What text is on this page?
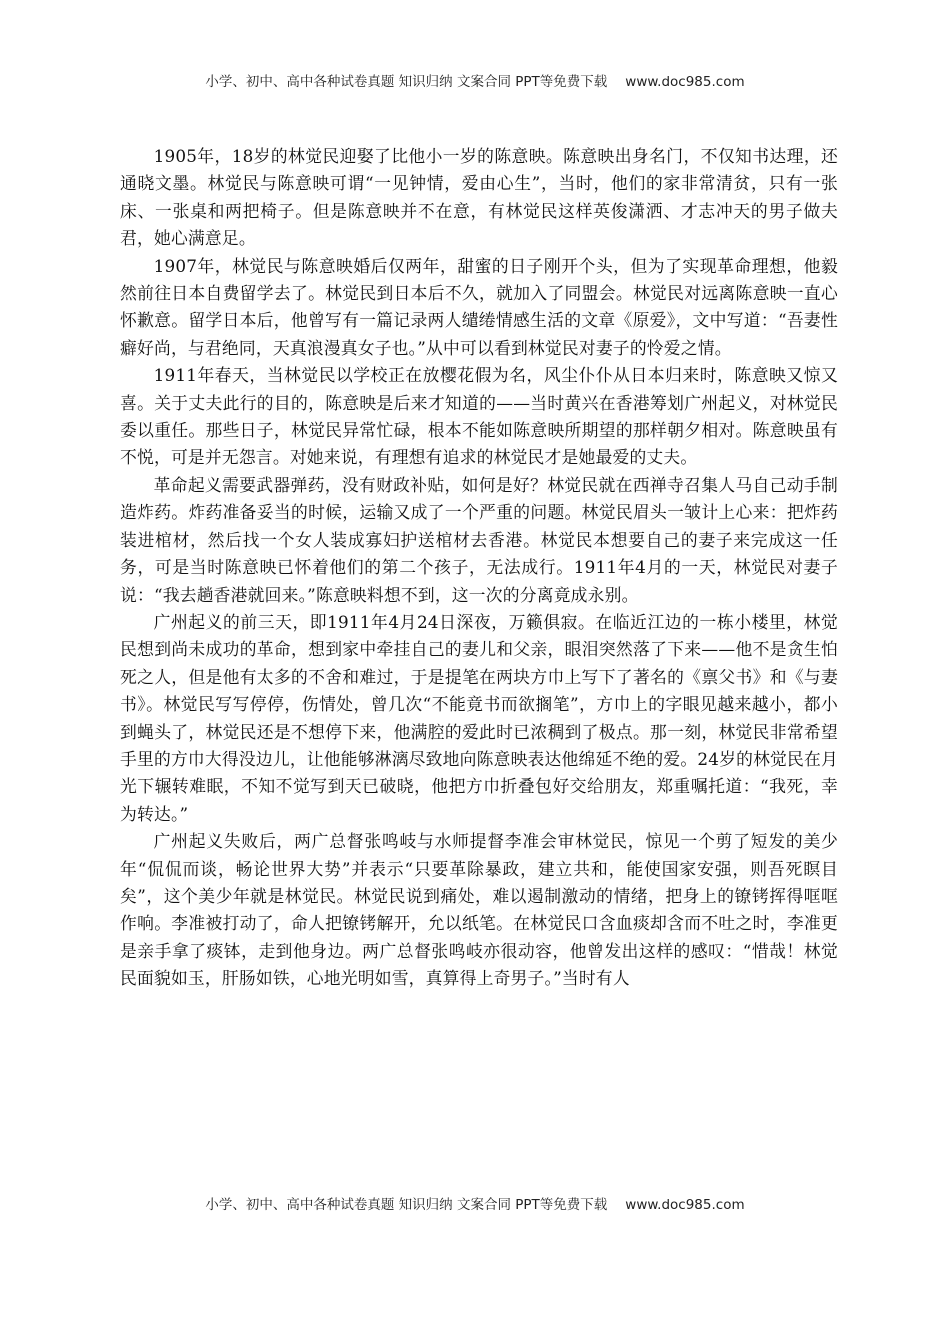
小学、初中、高中各种试卷真题 知识归纳 文案合同 PPT等免费下载 www.doc985.com

1905年，18岁的林觉民迎娶了比他小一岁的陈意映。陈意映出身名门，不仅知书达理，还通晓文墨。林觉民与陈意映可谓“一见钟情，爱由心生”，当时，他们的家非常清贫，只有一张床、一张桌和两把椅子。但是陈意映并不在意，有林觉民这样英俊潇洒、才志冲天的男子做夫君，她心满意足。

1907年，林觉民与陈意映婚后仅两年，甜蜜的日子刚开个头，但为了实现革命理想，他毅然前往日本自费留学去了。林觉民到日本后不久，就加入了同盟会。林觉民对远离陈意映一直心怀歉意。留学日本后，他曾写有一篇记录两人缱绻情感生活的文章《原爱》，文中写道：“吾妻性癖好尚，与君绝同，天真浪漫真女子也。”从中可以看到林觉民对妻子的怜爱之情。

1911年春天，当林觉民以学校正在放樱花假为名，风尘仆仆从日本归来时，陈意映又惊又喜。关于丈夫此行的目的，陈意映是后来才知道的——当时黄兴在香港筹划广州起义，对林觉民委以重任。那些日子，林觉民异常忙碌，根本不能如陈意映所期望的那样朝夕相对。陈意映虽有不悦，可是并无怨言。对她来说，有理想有追求的林觉民才是她最爱的丈夫。

革命起义需要武器弹药，没有财政补贴，如何是好？林觉民就在西禅寺召集人马自己动手制造炸药。炸药准备妥当的时候，运输又成了一个严重的问题。林觉民眉头一皱计上心来：把炸药装进棺材，然后找一个女人装成寡妇护送棺材去香港。林觉民本想要自己的妻子来完成这一任务，可是当时陈意映已怀着他们的第二个孩子，无法成行。1911年4月的一天，林觉民对妻子说：“我去趟香港就回来。”陈意映料想不到，这一次的分离竟成永别。

广州起义的前三天，即1911年4月24日深夜，万籁俱寂。在临近江边的一栋小楼里，林觉民想到尚未成功的革命，想到家中牵挂自己的妻儿和父亲，眼泪突然落了下来——他不是贪生怕死之人，但是他有太多的不舍和难过，于是提笔在两块方巾上写下了著名的《禀父书》和《与妻书》。林觉民写写停停，伤情处，曾几次“不能竟书而欲搁笔”，方巾上的字眼见越来越小，都小到蝇头了，林觉民还是不想停下来，他满腔的爱此时已浓稠到了极点。那一刻，林觉民非常希望手里的方巾大得没边儿，让他能够淋漓尽致地向陈意映表达他绵延不绝的爱。24岁的林觉民在月光下辗转难眠，不知不觉写到天已破晓，他把方巾折叠包好交给朋友，郑重嘱托道：“我死，幸为转达。”

广州起义失败后，两广总督张鸣岐与水师提督李准会审林觉民，惊见一个剪了短发的美少年“侃侃而谈，畅论世界大势”并表示“只要革除暴政，建立共和，能使国家安强，则吾死瞑目矣”，这个美少年就是林觉民。林觉民说到痛处，难以遏制激动的情绪，把身上的镣铐挥得哐哐作响。李准被打动了，命人把镣铐解开，允以纸笔。在林觉民口含血痰却含而不吐之时，李准更是亲手拿了痰钵，走到他身边。两广总督张鸣岐亦很动容，他曾发出这样的感叹：“惜哉！林觉民面貌如玉，肝肠如铁，心地光明如雪，真算得上奇男子。”当时有人

小学、初中、高中各种试卷真题 知识归纳 文案合同 PPT等免费下载 www.doc985.com
